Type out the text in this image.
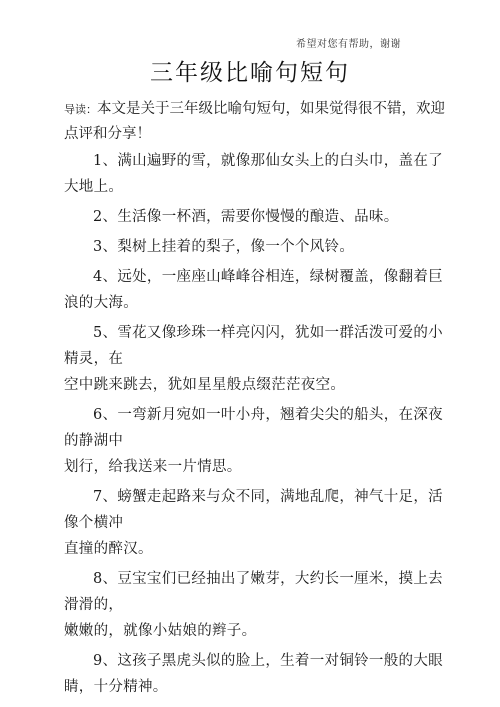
希望对您有帮助，谢谢
三年级比喻句短句
导读：本文是关于三年级比喻句短句，如果觉得很不错，欢迎点评和分享！
1、满山遍野的雪，就像那仙女头上的白头巾，盖在了大地上。
2、生活像一杯酒，需要你慢慢的酿造、品味。
3、梨树上挂着的梨子，像一个个风铃。
4、远处，一座座山峰峰谷相连，绿树覆盖，像翻着巨浪的大海。
5、雪花又像珍珠一样亮闪闪，犹如一群活泼可爱的小精灵，在
空中跳来跳去，犹如星星般点缀茫茫夜空。
6、一弯新月宛如一叶小舟，翘着尖尖的船头，在深夜的静湖中
划行，给我送来一片情思。
7、螃蟹走起路来与众不同，满地乱爬，神气十足，活像个横冲
直撞的醉汉。
8、豆宝宝们已经抽出了嫩芽，大约长一厘米，摸上去滑滑的，
嫩嫩的，就像小姑娘的辫子。
9、这孩子黑虎头似的脸上，生着一对铜铃一般的大眼睛，十分精神。
